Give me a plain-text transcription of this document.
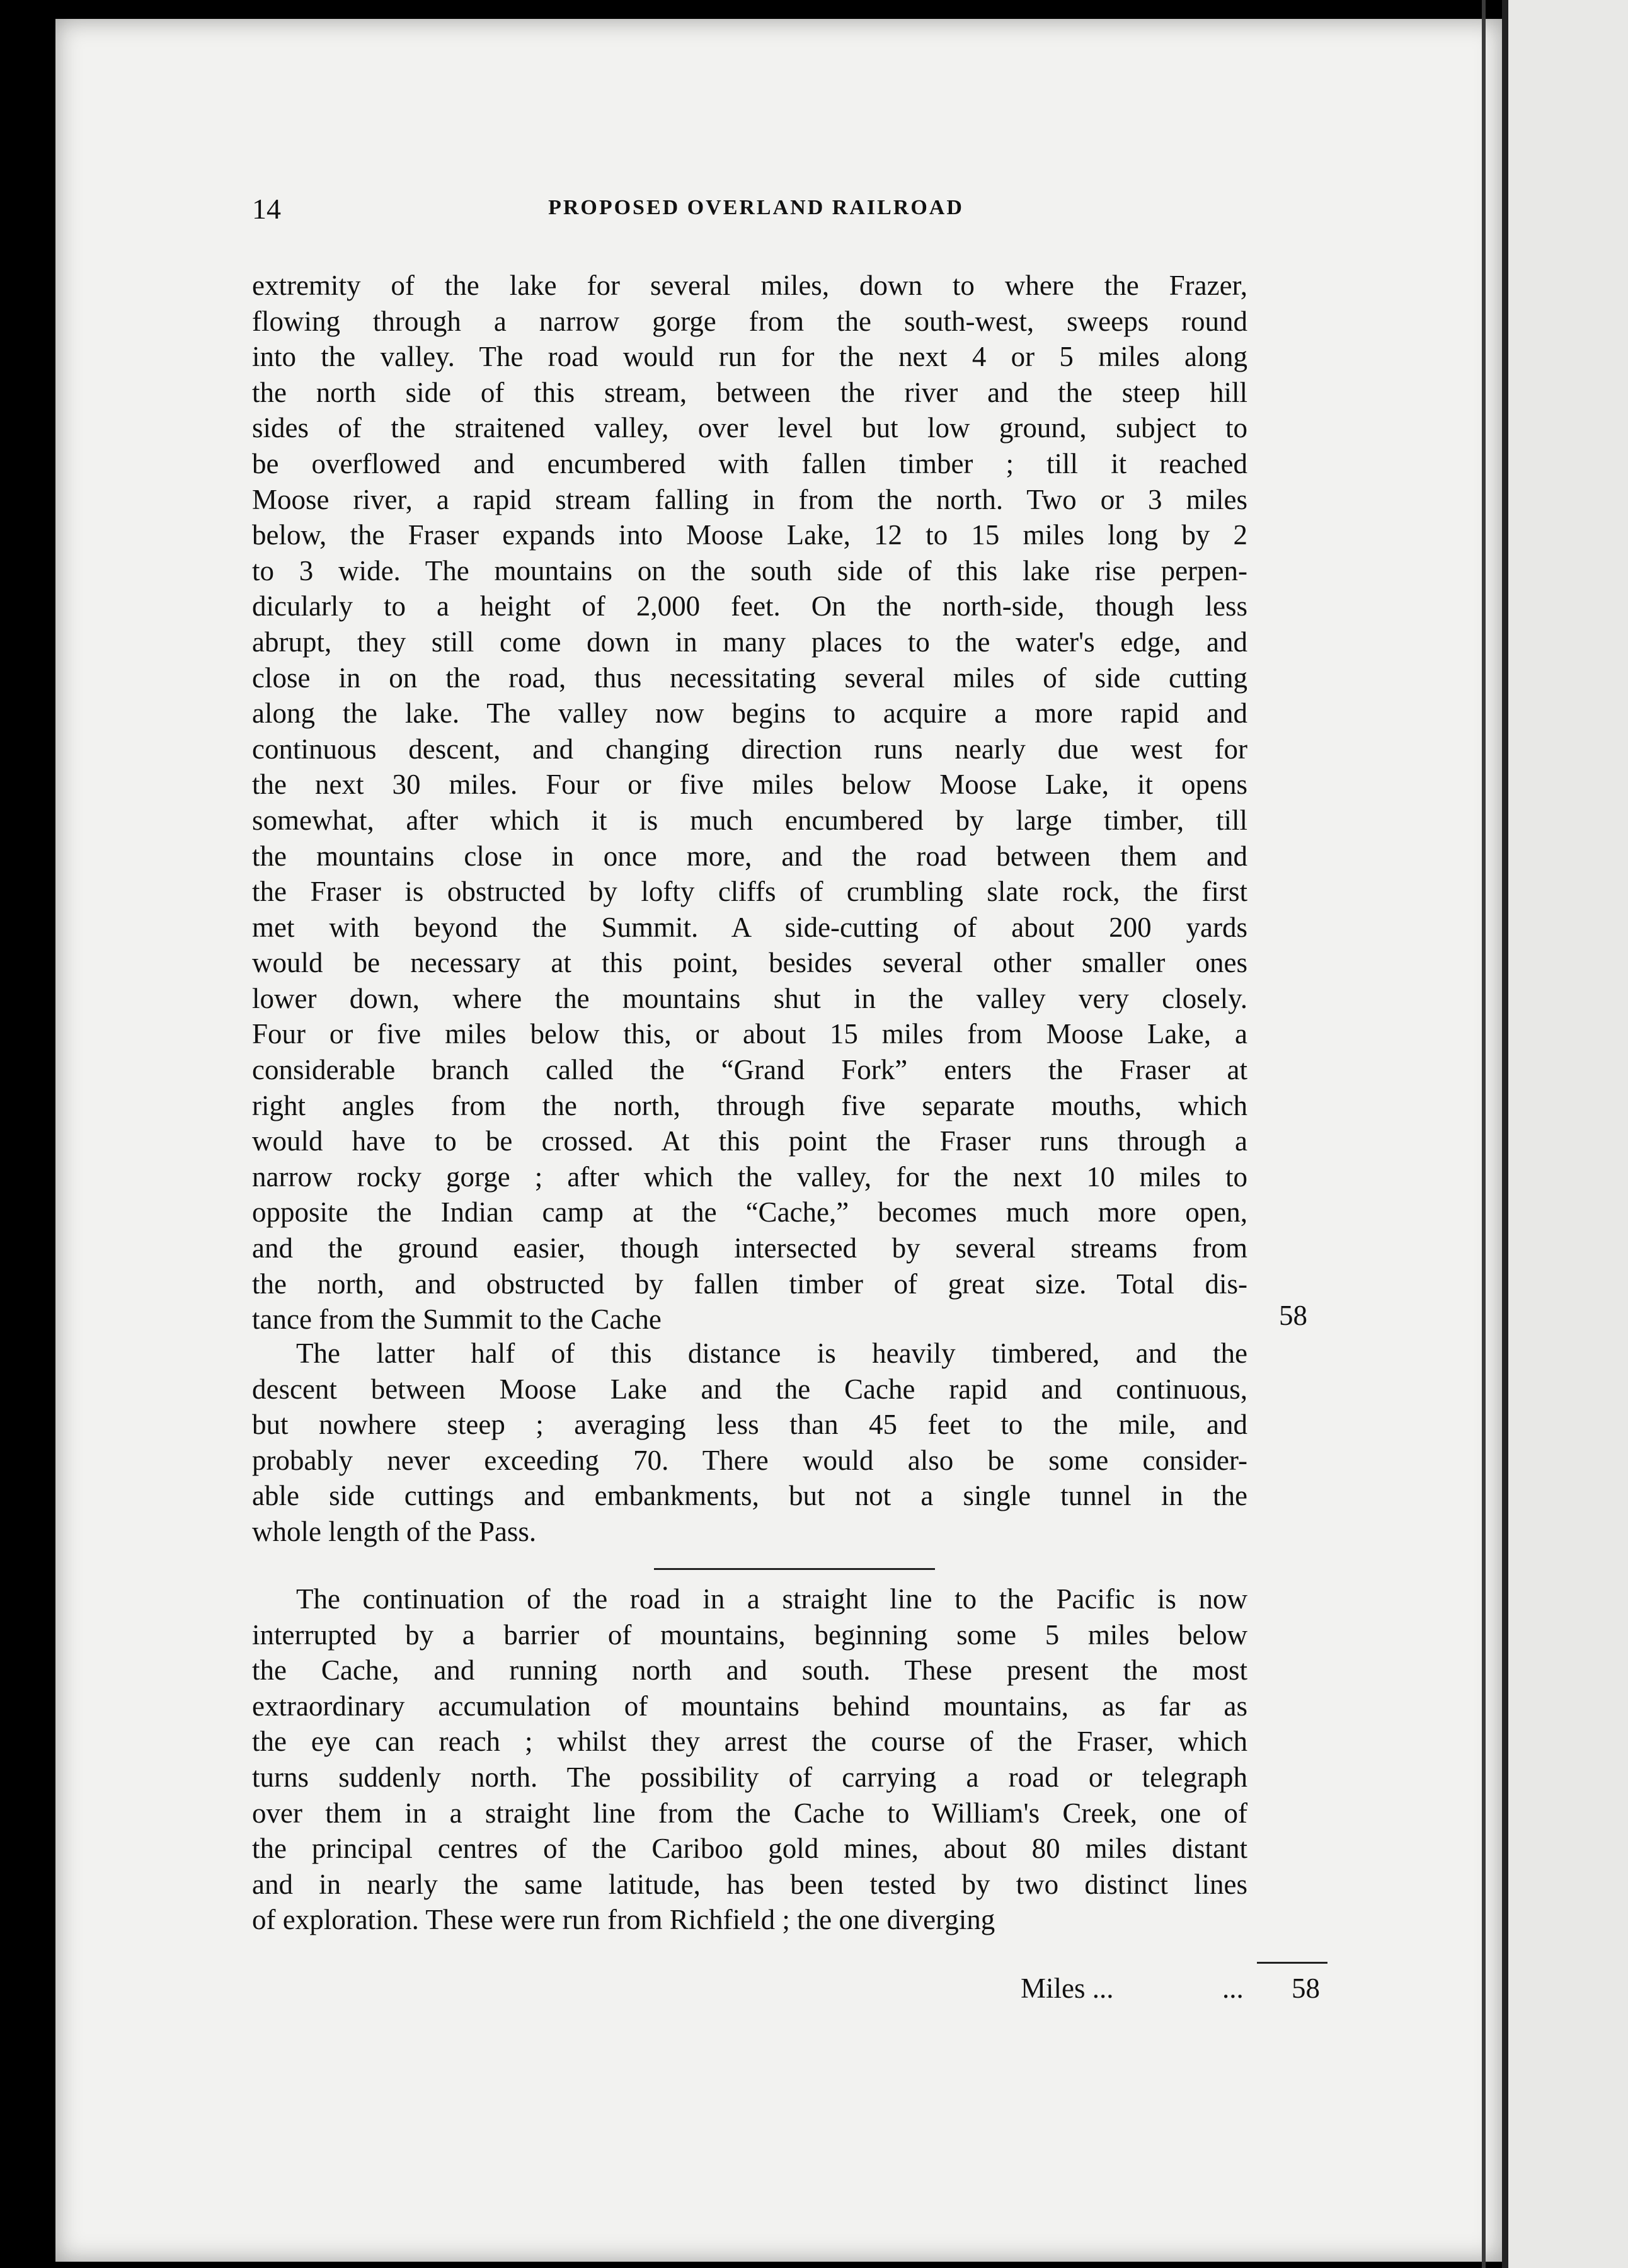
14	PROPOSED OVERLAND RAILROAD
extremity of the lake for several miles, down to where the Frazer,
flowing through a narrow gorge from the south-west, sweeps round
into the valley. The road would run for the next 4 or 5 miles along
the north side of this stream, between the river and the steep hill
sides of the straitened valley, over level but low ground, subject to
be overflowed and encumbered with fallen timber ; till it reached
Moose river, a rapid stream falling in from the north. Two or 3 miles
below, the Fraser expands into Moose Lake, 12 to 15 miles long by 2
to 3 wide. The mountains on the south side of this lake rise perpen-
dicularly to a height of 2,000 feet. On the north-side, though less
abrupt, they still come down in many places to the water's edge, and
close in on the road, thus necessitating several miles of side cutting
along the lake. The valley now begins to acquire a more rapid and
continuous descent, and changing direction runs nearly due west for
the next 30 miles. Four or five miles below Moose Lake, it opens
somewhat, after which it is much encumbered by large timber, till
the mountains close in once more, and the road between them and
the Fraser is obstructed by lofty cliffs of crumbling slate rock, the first
met with beyond the Summit. A side-cutting of about 200 yards
would be necessary at this point, besides several other smaller ones
lower down, where the mountains shut in the valley very closely.
Four or five miles below this, or about 15 miles from Moose Lake, a
considerable branch called the “Grand Fork” enters the Fraser at
right angles from the north, through five separate mouths, which
would have to be crossed. At this point the Fraser runs through a
narrow rocky gorge ; after which the valley, for the next 10 miles to
opposite the Indian camp at the “Cache,” becomes much more open,
and the ground easier, though intersected by several streams from
the north, and obstructed by fallen timber of great size. Total dis-
tance from the Summit to the Cache	58
The latter half of this distance is heavily timbered, and the
descent between Moose Lake and the Cache rapid and continuous,
but nowhere steep ; averaging less than 45 feet to the mile, and
probably never exceeding 70. There would also be some consider-
able side cuttings and embankments, but not a single tunnel in the
whole length of the Pass.
The continuation of the road in a straight line to the Pacific is now
interrupted by a barrier of mountains, beginning some 5 miles below
the Cache, and running north and south. These present the most
extraordinary accumulation of mountains behind mountains, as far as
the eye can reach ; whilst they arrest the course of the Fraser, which
turns suddenly north. The possibility of carrying a road or telegraph
over them in a straight line from the Cache to William's Creek, one of
the principal centres of the Cariboo gold mines, about 80 miles distant
and in nearly the same latitude, has been tested by two distinct lines
of exploration. These were run from Richfield ; the one diverging
Miles ...	... 58
